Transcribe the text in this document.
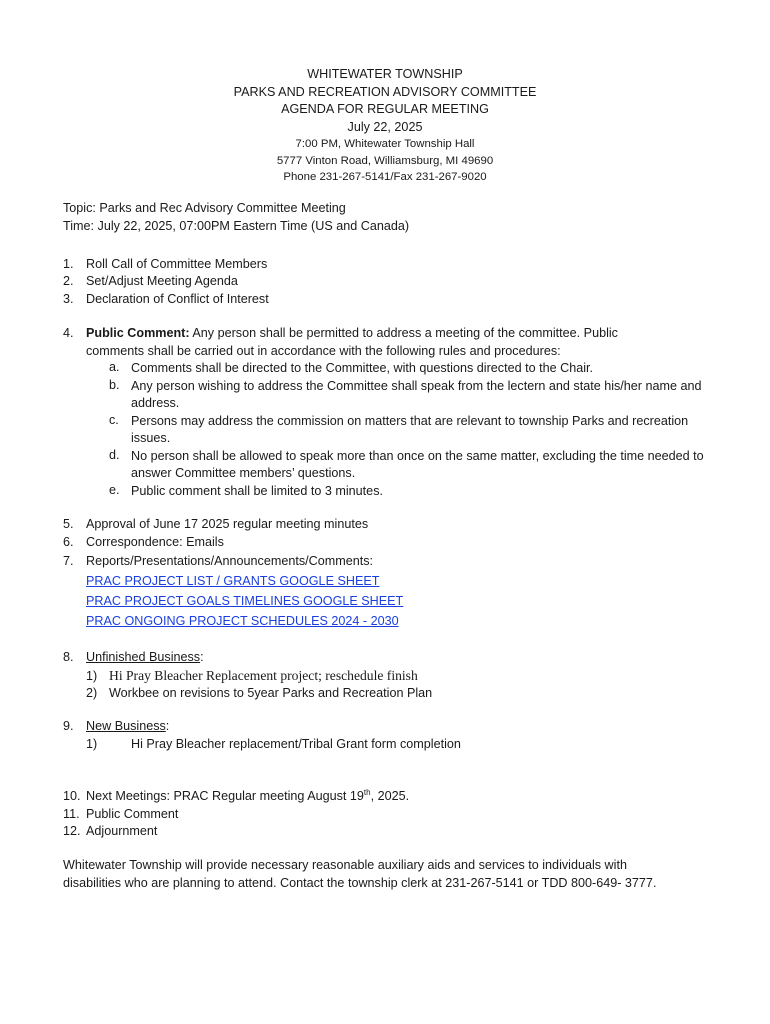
WHITEWATER TOWNSHIP
PARKS AND RECREATION ADVISORY COMMITTEE
AGENDA FOR REGULAR MEETING
July 22, 2025
7:00 PM, Whitewater Township Hall
5777 Vinton Road, Williamsburg, MI 49690
Phone 231-267-5141/Fax 231-267-9020
Topic: Parks and Rec Advisory Committee Meeting
Time: July 22, 2025, 07:00PM Eastern Time (US and Canada)
1. Roll Call of Committee Members
2. Set/Adjust Meeting Agenda
3. Declaration of Conflict of Interest
4. Public Comment: Any person shall be permitted to address a meeting of the committee. Public
comments shall be carried out in accordance with the following rules and procedures:
a. Comments shall be directed to the Committee, with questions directed to the Chair.
b. Any person wishing to address the Committee shall speak from the lectern and state his/her name and address.
c. Persons may address the commission on matters that are relevant to township Parks and recreation issues.
d. No person shall be allowed to speak more than once on the same matter, excluding the time needed to answer Committee members’ questions.
e. Public comment shall be limited to 3 minutes.
5. Approval of June 17 2025 regular meeting minutes
6. Correspondence: Emails
7. Reports/Presentations/Announcements/Comments:
PRAC PROJECT LIST / GRANTS GOOGLE SHEET
PRAC PROJECT GOALS TIMELINES GOOGLE SHEET
PRAC ONGOING PROJECT SCHEDULES 2024 - 2030
8. Unfinished Business:
1) Hi Pray Bleacher Replacement project; reschedule finish
2) Workbee on revisions to 5year Parks and Recreation Plan
9. New Business:
1)	Hi Pray Bleacher replacement/Tribal Grant form completion
10. Next Meetings: PRAC Regular meeting August 19th, 2025.
11. Public Comment
12. Adjournment
Whitewater Township will provide necessary reasonable auxiliary aids and services to individuals with disabilities who are planning to attend. Contact the township clerk at 231-267-5141 or TDD 800-649- 3777.
